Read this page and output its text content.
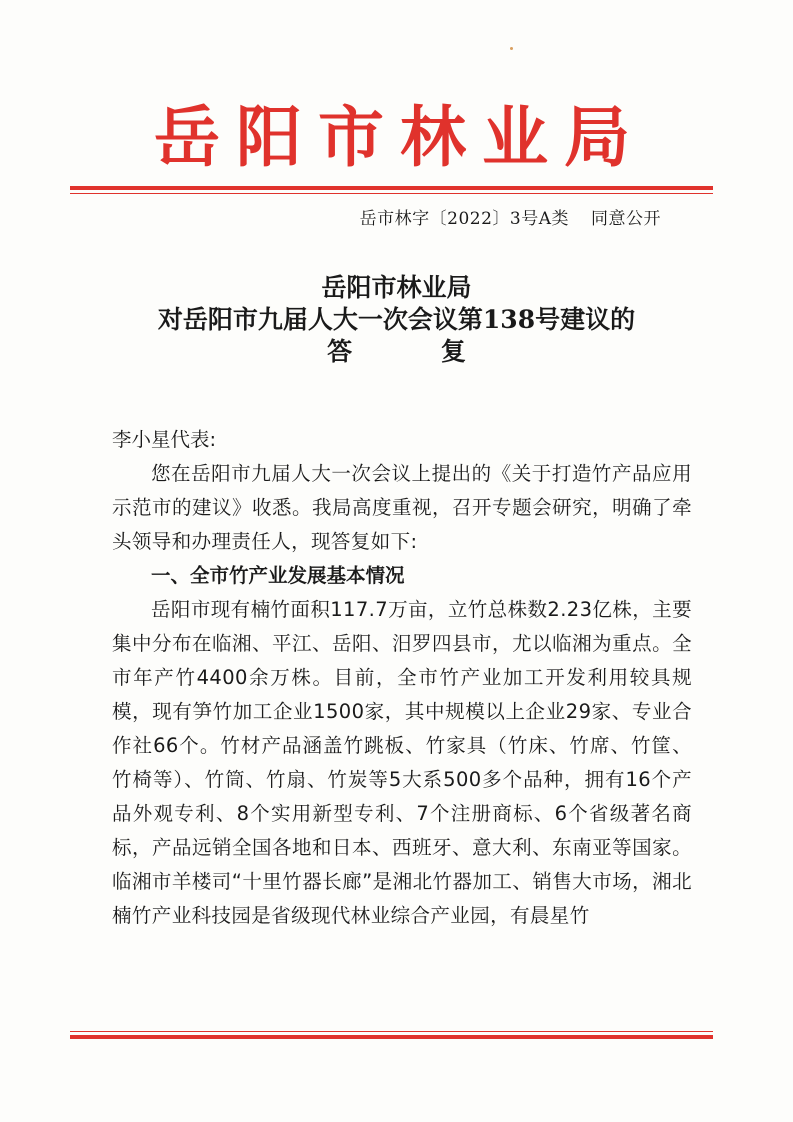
岳阳市林业局
岳市林字〔2022〕3号A类 同意公开
岳阳市林业局
对岳阳市九届人大一次会议第138号建议的
答 复

李小星代表:

您在岳阳市九届人大一次会议上提出的《关于打造竹产品应用示范市的建议》收悉。我局高度重视，召开专题会研究，明确了牵头领导和办理责任人，现答复如下:

一、全市竹产业发展基本情况

岳阳市现有楠竹面积117.7万亩，立竹总株数2.23亿株，主要集中分布在临湘、平江、岳阳、汨罗四县市，尤以临湘为重点。全市年产竹4400余万株。目前，全市竹产业加工开发利用较具规模，现有笋竹加工企业1500家，其中规模以上企业29家、专业合作社66个。竹材产品涵盖竹跳板、竹家具（竹床、竹席、竹筐、竹椅等）、竹筒、竹扇、竹炭等5大系500多个品种，拥有16个产品外观专利、8个实用新型专利、7个注册商标、6个省级著名商标，产品远销全国各地和日本、西班牙、意大利、东南亚等国家。临湘市羊楼司“十里竹器长廊”是湘北竹器加工、销售大市场，湘北楠竹产业科技园是省级现代林业综合产业园，有晨星竹
